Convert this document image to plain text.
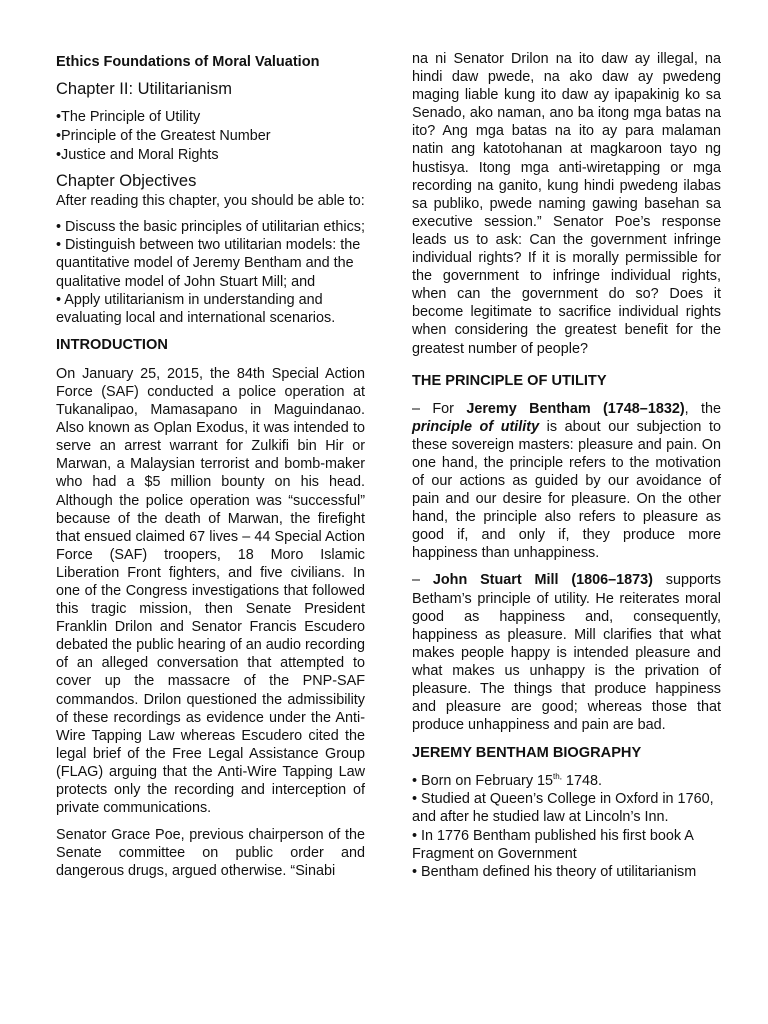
Ethics Foundations of Moral Valuation

Chapter II: Utilitarianism

•The Principle of Utility

•Principle of the Greatest Number

•Justice and Moral Rights

Chapter Objectives

After reading this chapter, you should be able to:

• Discuss the basic principles of utilitarian ethics;

• Distinguish between two utilitarian models: the quantitative model of Jeremy Bentham and the qualitative model of John Stuart Mill; and

• Apply utilitarianism in understanding and evaluating local and international scenarios.

INTRODUCTION

On January 25, 2015, the 84th Special Action Force (SAF) conducted a police operation at Tukanalipao, Mamasapano in Maguindanao. Also known as Oplan Exodus, it was intended to serve an arrest warrant for Zulkifi bin Hir or Marwan, a Malaysian terrorist and bomb-maker who had a $5 million bounty on his head. Although the police operation was “successful” because of the death of Marwan, the firefight that ensued claimed 67 lives – 44 Special Action Force (SAF) troopers, 18 Moro Islamic Liberation Front fighters, and five civilians. In one of the Congress investigations that followed this tragic mission, then Senate President Franklin Drilon and Senator Francis Escudero debated the public hearing of an audio recording of an alleged conversation that attempted to cover up the massacre of the PNP-SAF commandos. Drilon questioned the admissibility of these recordings as evidence under the Anti-Wire Tapping Law whereas Escudero cited the legal brief of the Free Legal Assistance Group (FLAG) arguing that the Anti-Wire Tapping Law protects only the recording and interception of private communications.

Senator Grace Poe, previous chairperson of the Senate committee on public order and dangerous drugs, argued otherwise. “Sinabi

na ni Senator Drilon na ito daw ay illegal, na hindi daw pwede, na ako daw ay pwedeng maging liable kung ito daw ay ipapakinig ko sa Senado, ako naman, ano ba itong mga batas na ito? Ang mga batas na ito ay para malaman natin ang katotohanan at magkaroon tayo ng hustisya. Itong mga anti-wiretapping or mga recording na ganito, kung hindi pwedeng ilabas sa publiko, pwede naming gawing basehan sa executive session.” Senator Poe’s response leads us to ask: Can the government infringe individual rights? If it is morally permissible for the government to infringe individual rights, when can the government do so? Does it become legitimate to sacrifice individual rights when considering the greatest benefit for the greatest number of people?

THE PRINCIPLE OF UTILITY

– For Jeremy Bentham (1748–1832), the principle of utility is about our subjection to these sovereign masters: pleasure and pain. On one hand, the principle refers to the motivation of our actions as guided by our avoidance of pain and our desire for pleasure. On the other hand, the principle also refers to pleasure as good if, and only if, they produce more happiness than unhappiness.

– John Stuart Mill (1806–1873) supports Betham’s principle of utility. He reiterates moral good as happiness and, consequently, happiness as pleasure. Mill clarifies that what makes people happy is intended pleasure and what makes us unhappy is the privation of pleasure. The things that produce happiness and pleasure are good; whereas those that produce unhappiness and pain are bad.

JEREMY BENTHAM BIOGRAPHY

• Born on February $15^{th,}$ 1748.

• Studied at Queen’s College in Oxford in 1760, and after he studied law at Lincoln’s Inn.

• In 1776 Bentham published his first book A Fragment on Government

• Bentham defined his theory of utilitarianism
